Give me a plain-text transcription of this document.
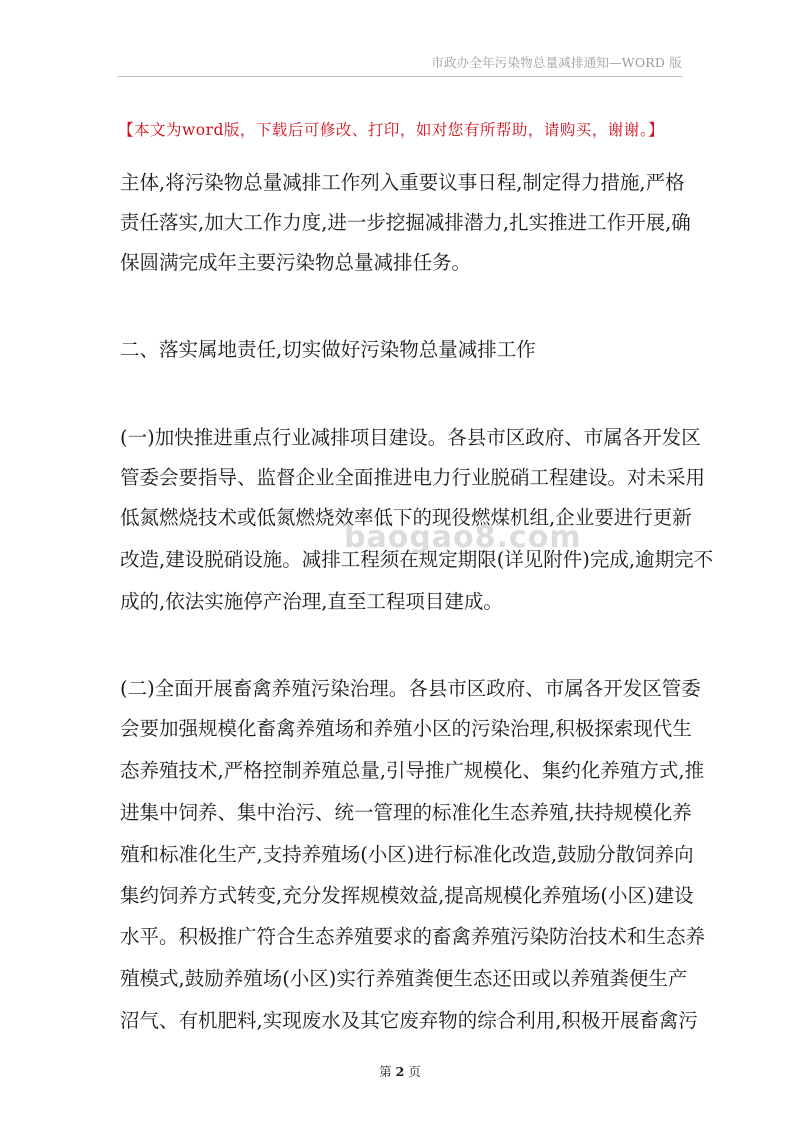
市政办全年污染物总量减排通知—WORD 版
【本文为word版，下载后可修改、打印，如对您有所帮助，请购买，谢谢。】
主体,将污染物总量减排工作列入重要议事日程,制定得力措施,严格
责任落实,加大工作力度,进一步挖掘减排潜力,扎实推进工作开展,确
保圆满完成年主要污染物总量减排任务。
二、落实属地责任,切实做好污染物总量减排工作
(一)加快推进重点行业减排项目建设。各县市区政府、市属各开发区
管委会要指导、监督企业全面推进电力行业脱硝工程建设。对未采用
低氮燃烧技术或低氮燃烧效率低下的现役燃煤机组,企业要进行更新
改造,建设脱硝设施。减排工程须在规定期限(详见附件)完成,逾期完不
成的,依法实施停产治理,直至工程项目建成。
(二)全面开展畜禽养殖污染治理。各县市区政府、市属各开发区管委
会要加强规模化畜禽养殖场和养殖小区的污染治理,积极探索现代生
态养殖技术,严格控制养殖总量,引导推广规模化、集约化养殖方式,推
进集中饲养、集中治污、统一管理的标准化生态养殖,扶持规模化养
殖和标准化生产,支持养殖场(小区)进行标准化改造,鼓励分散饲养向
集约饲养方式转变,充分发挥规模效益,提高规模化养殖场(小区)建设
水平。积极推广符合生态养殖要求的畜禽养殖污染防治技术和生态养
殖模式,鼓励养殖场(小区)实行养殖粪便生态还田或以养殖粪便生产
沼气、有机肥料,实现废水及其它废弃物的综合利用,积极开展畜禽污
baogao8.com
第 2 页
